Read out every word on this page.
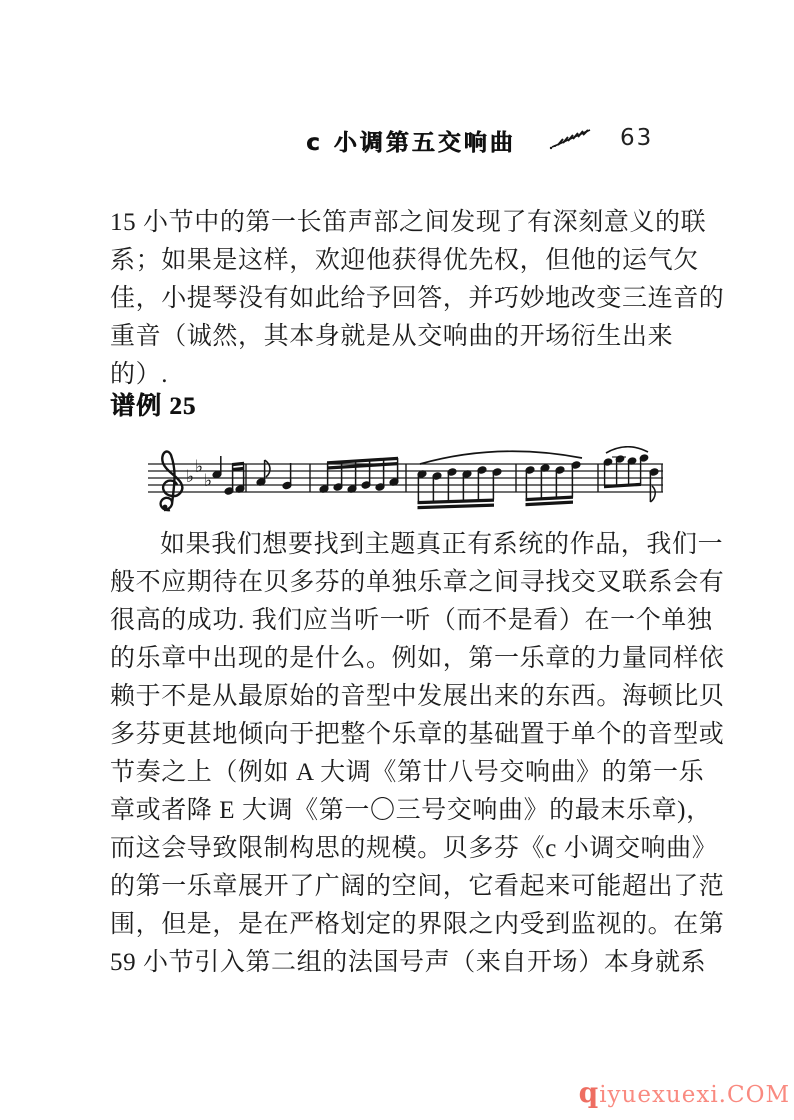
c 小调第五交响曲	63
15 小节中的第一长笛声部之间发现了有深刻意义的联
系；如果是这样，欢迎他获得优先权，但他的运气欠
佳，小提琴没有如此给予回答，并巧妙地改变三连音的
重音（诚然，其本身就是从交响曲的开场衍生出来
的）.
谱例 25
♭ ♭
♭
如果我们想要找到主题真正有系统的作品，我们一
般不应期待在贝多芬的单独乐章之间寻找交叉联系会有
很高的成功. 我们应当听一听（而不是看）在一个单独
的乐章中出现的是什么。例如，第一乐章的力量同样依
赖于不是从最原始的音型中发展出来的东西。海顿比贝
多芬更甚地倾向于把整个乐章的基础置于单个的音型或
节奏之上（例如 A 大调《第廿八号交响曲》的第一乐
章或者降 E 大调《第一〇三号交响曲》的最末乐章)，
而这会导致限制构思的规模。贝多芬《c 小调交响曲》
的第一乐章展开了广阔的空间，它看起来可能超出了范
围，但是，是在严格划定的界限之内受到监视的。在第
59 小节引入第二组的法国号声（来自开场）本身就系
qiyuexuexi.COM
